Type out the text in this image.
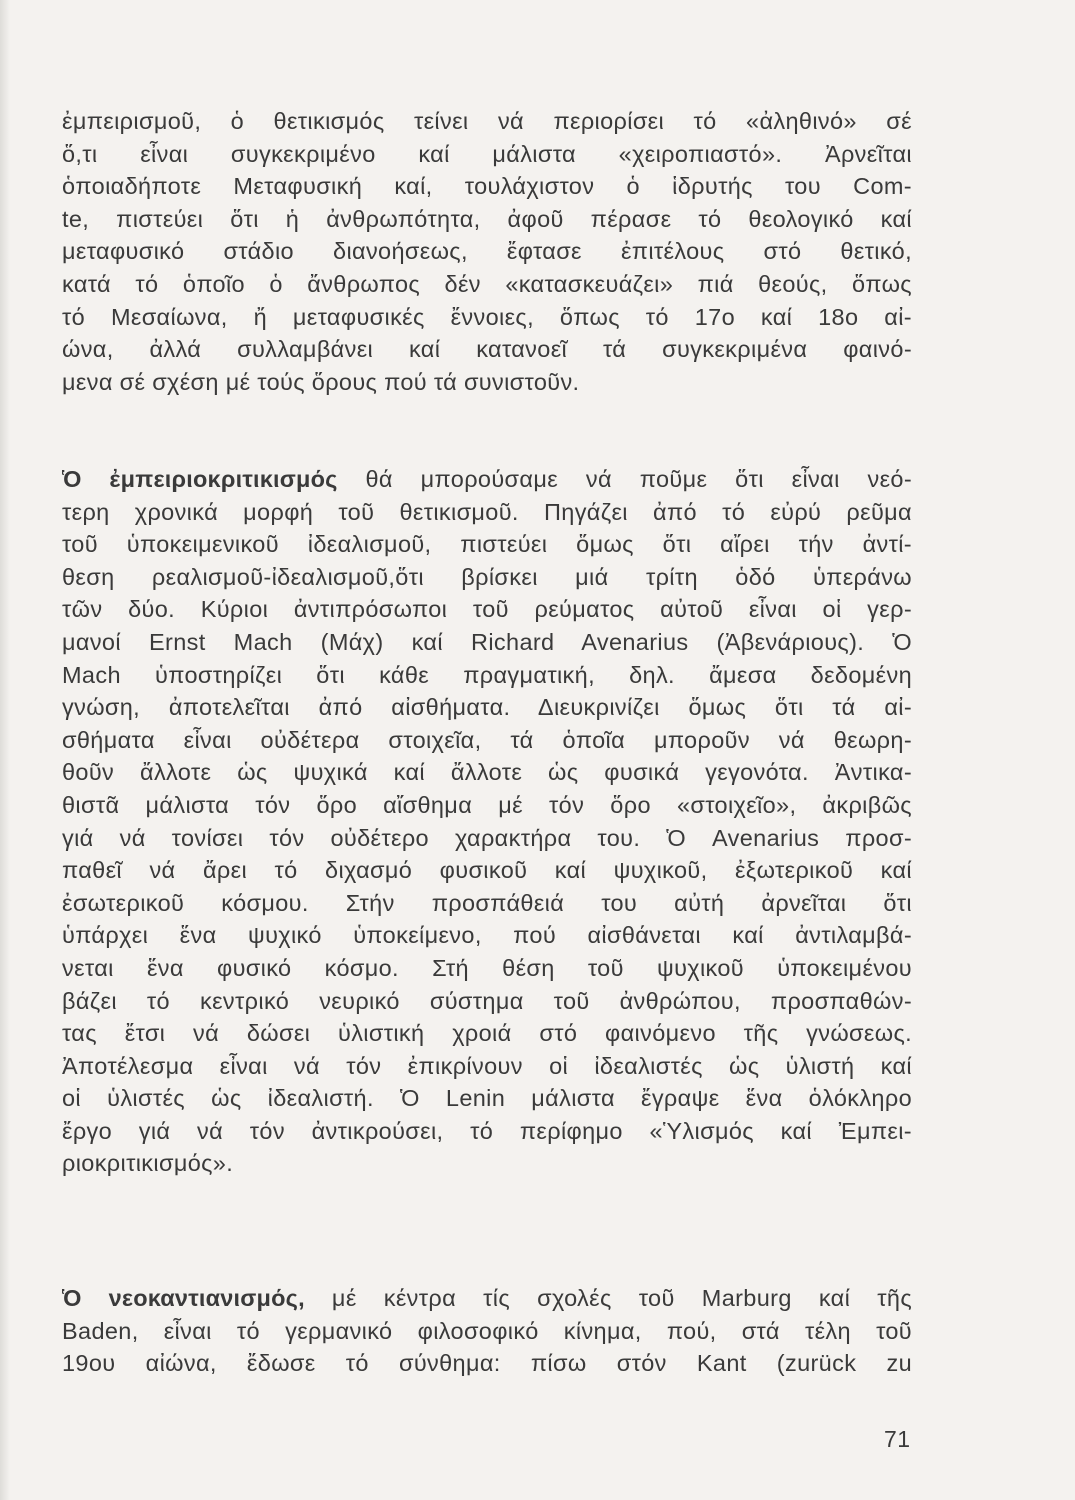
ἐμπειρισμοῦ, ὁ θετικισμός τείνει νά περιορίσει τό «ἀληθινό» σέ
ὅ,τι εἶναι συγκεκριμένο καί μάλιστα «χειροπιαστό». Ἀρνεῖται
ὁποιαδήποτε Μεταφυσική καί, τουλάχιστον ὁ ἱδρυτής του Com-
te, πιστεύει ὅτι ἡ ἀνθρωπότητα, ἀφοῦ πέρασε τό θεολογικό καί
μεταφυσικό στάδιο διανοήσεως, ἔφτασε ἐπιτέλους στό θετικό,
κατά τό ὁποῖο ὁ ἄνθρωπος δέν «κατασκευάζει» πιά θεούς, ὅπως
τό Μεσαίωνα, ἤ μεταφυσικές ἔννοιες, ὅπως τό 17ο καί 18ο αἰ-
ώνα, ἀλλά συλλαμβάνει καί κατανοεῖ τά συγκεκριμένα φαινό-
μενα σέ σχέση μέ τούς ὅρους πού τά συνιστοῦν.
Ὁ ἐμπειριοκριτικισμός θά μπορούσαμε νά ποῦμε ὅτι εἶναι νεό-
τερη χρονικά μορφή τοῦ θετικισμοῦ. Πηγάζει ἀπό τό εὐρύ ρεῦμα
τοῦ ὑποκειμενικοῦ ἰδεαλισμοῦ, πιστεύει ὅμως ὅτι αἴρει τήν ἀντί-
θεση ρεαλισμοῦ-ἰδεαλισμοῦ,ὅτι βρίσκει μιά τρίτη ὁδό ὑπεράνω
τῶν δύο. Κύριοι ἀντιπρόσωποι τοῦ ρεύματος αὐτοῦ εἶναι οἱ γερ-
μανοί Ernst Mach (Μάχ) καί Richard Avenarius (Ἀβενάριους). Ὁ
Mach ὑποστηρίζει ὅτι κάθε πραγματική, δηλ. ἄμεσα δεδομένη
γνώση, ἀποτελεῖται ἀπό αἰσθήματα. Διευκρινίζει ὅμως ὅτι τά αἰ-
σθήματα εἶναι οὐδέτερα στοιχεῖα, τά ὁποῖα μποροῦν νά θεωρη-
θοῦν ἄλλοτε ὡς ψυχικά καί ἄλλοτε ὡς φυσικά γεγονότα. Ἀντικα-
θιστᾶ μάλιστα τόν ὅρο αἴσθημα μέ τόν ὅρο «στοιχεῖο», ἀκριβῶς
γιά νά τονίσει τόν οὐδέτερο χαρακτήρα του. Ὁ Avenarius προσ-
παθεῖ νά ἄρει τό διχασμό φυσικοῦ καί ψυχικοῦ, ἐξωτερικοῦ καί
ἐσωτερικοῦ κόσμου. Στήν προσπάθειά του αὐτή ἀρνεῖται ὅτι
ὑπάρχει ἕνα ψυχικό ὑποκείμενο, πού αἰσθάνεται καί ἀντιλαμβά-
νεται ἕνα φυσικό κόσμο. Στή θέση τοῦ ψυχικοῦ ὑποκειμένου
βάζει τό κεντρικό νευρικό σύστημα τοῦ ἀνθρώπου, προσπαθών-
τας ἔτσι νά δώσει ὑλιστική χροιά στό φαινόμενο τῆς γνώσεως.
Ἀποτέλεσμα εἶναι νά τόν ἐπικρίνουν οἱ ἰδεαλιστές ὡς ὑλιστή καί
οἱ ὑλιστές ὡς ἰδεαλιστή. Ὁ Lenin μάλιστα ἔγραψε ἕνα ὁλόκληρο
ἔργο γιά νά τόν ἀντικρούσει, τό περίφημο «Ὑλισμός καί Ἐμπει-
ριοκριτικισμός».
Ὁ νεοκαντιανισμός, μέ κέντρα τίς σχολές τοῦ Marburg καί τῆς
Baden, εἶναι τό γερμανικό φιλοσοφικό κίνημα, πού, στά τέλη τοῦ
19ου αἰώνα, ἔδωσε τό σύνθημα: πίσω στόν Kant (zurück zu
71
